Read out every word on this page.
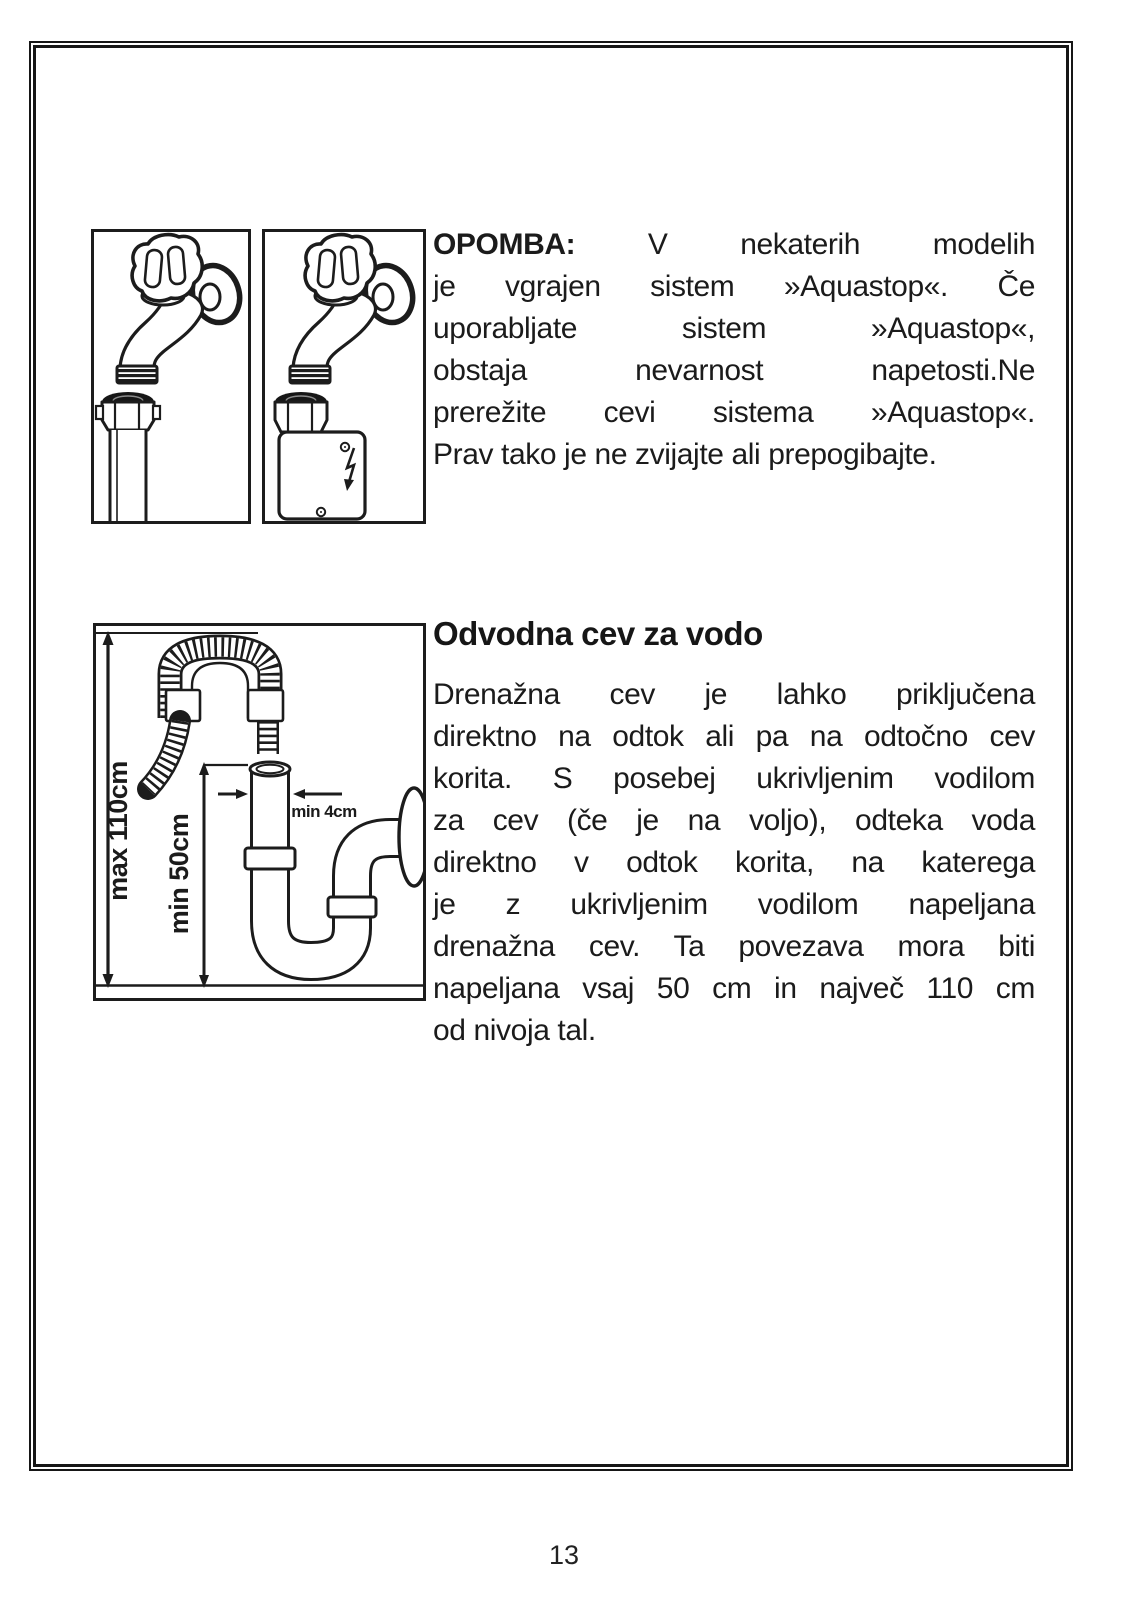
OPOMBA: V nekaterih modelih
je vgrajen sistem »Aquastop«. Če
uporabljate sistem »Aquastop«,
obstaja nevarnost napetosti.Ne
prerežite cevi sistema »Aquastop«.
Prav tako je ne zvijajte ali prepogibajte.
max 110cm min 50cm
min 4cm
Odvodna cev za vodo
Drenažna cev je lahko priključena
direktno na odtok ali pa na odtočno cev
korita. S posebej ukrivljenim vodilom
za cev (če je na voljo), odteka voda
direktno v odtok korita, na katerega
je z ukrivljenim vodilom napeljana
drenažna cev. Ta povezava mora biti
napeljana vsaj 50 cm in največ 110 cm
od nivoja tal.
13
